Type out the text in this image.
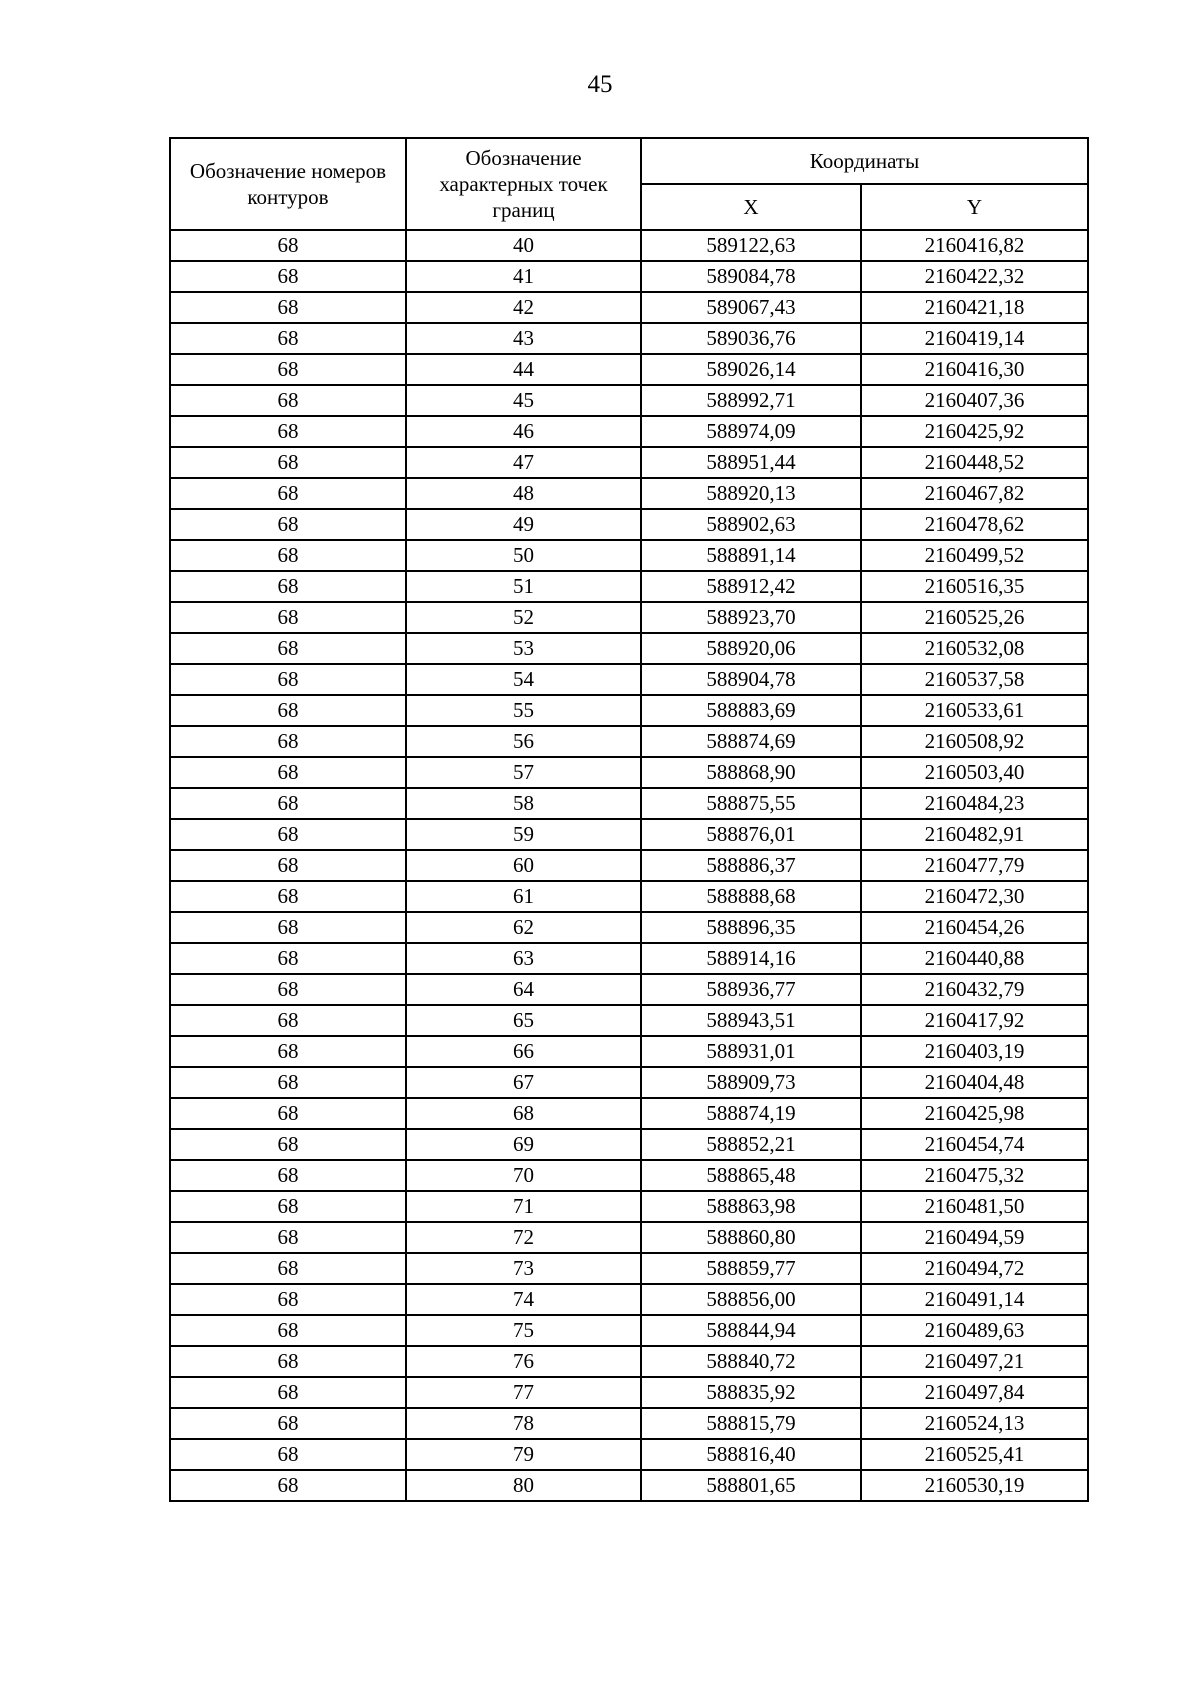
45
Обозначение номеров контуров	Обозначение характерных точек границ	Координаты	
		X	Y
68	40	589122,63	2160416,82
68	41	589084,78	2160422,32
68	42	589067,43	2160421,18
68	43	589036,76	2160419,14
68	44	589026,14	2160416,30
68	45	588992,71	2160407,36
68	46	588974,09	2160425,92
68	47	588951,44	2160448,52
68	48	588920,13	2160467,82
68	49	588902,63	2160478,62
68	50	588891,14	2160499,52
68	51	588912,42	2160516,35
68	52	588923,70	2160525,26
68	53	588920,06	2160532,08
68	54	588904,78	2160537,58
68	55	588883,69	2160533,61
68	56	588874,69	2160508,92
68	57	588868,90	2160503,40
68	58	588875,55	2160484,23
68	59	588876,01	2160482,91
68	60	588886,37	2160477,79
68	61	588888,68	2160472,30
68	62	588896,35	2160454,26
68	63	588914,16	2160440,88
68	64	588936,77	2160432,79
68	65	588943,51	2160417,92
68	66	588931,01	2160403,19
68	67	588909,73	2160404,48
68	68	588874,19	2160425,98
68	69	588852,21	2160454,74
68	70	588865,48	2160475,32
68	71	588863,98	2160481,50
68	72	588860,80	2160494,59
68	73	588859,77	2160494,72
68	74	588856,00	2160491,14
68	75	588844,94	2160489,63
68	76	588840,72	2160497,21
68	77	588835,92	2160497,84
68	78	588815,79	2160524,13
68	79	588816,40	2160525,41
68	80	588801,65	2160530,19
